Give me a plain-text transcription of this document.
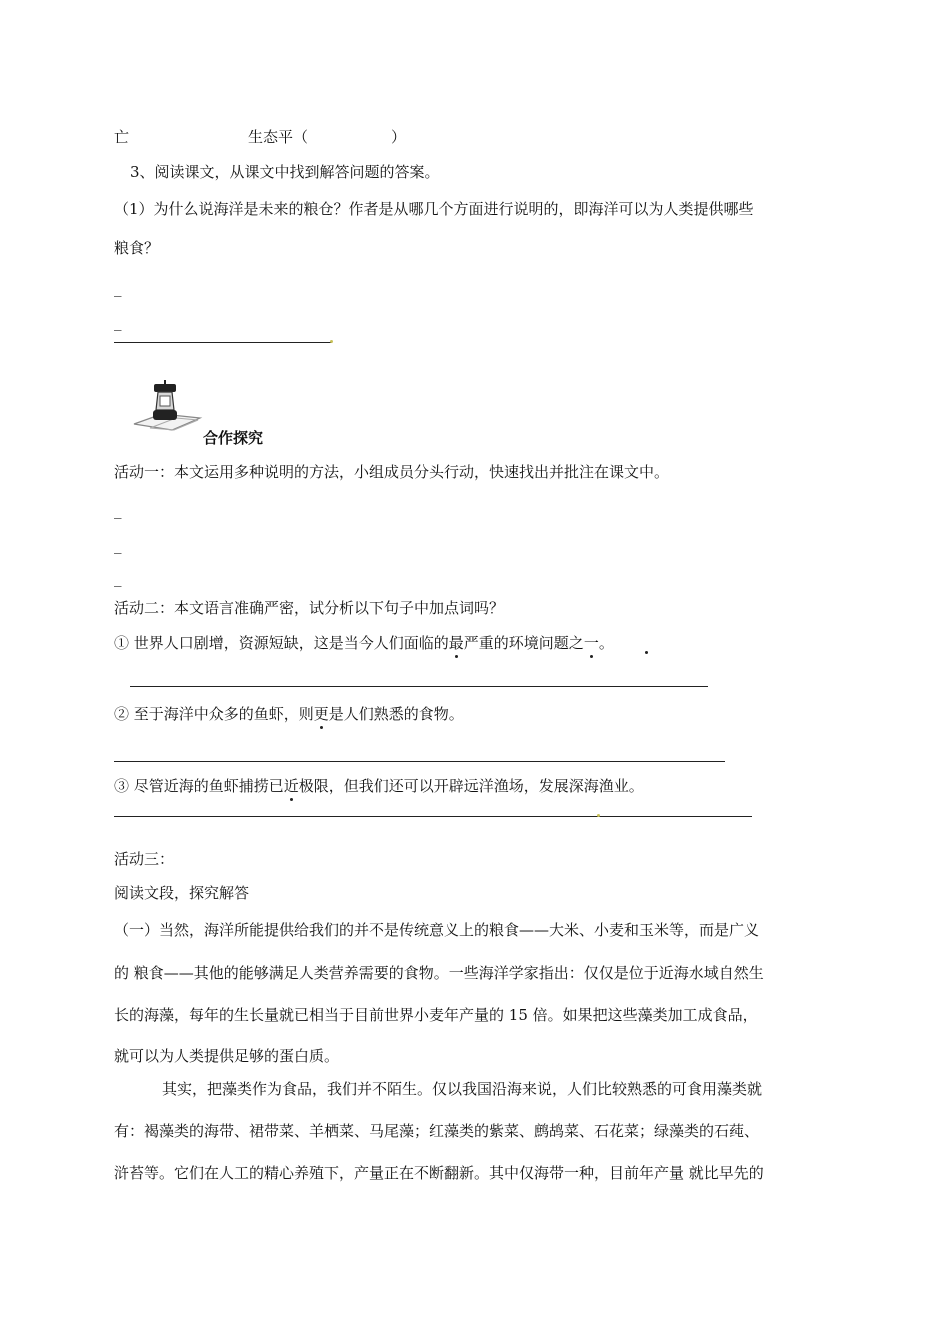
亡	生态平（	）
3、阅读课文，从课文中找到解答问题的答案。
（1）为什么说海洋是未来的粮仓？作者是从哪几个方面进行说明的，即海洋可以为人类提供哪些
粮食？
_
_
合作探究
活动一：本文运用多种说明的方法，小组成员分头行动，快速找出并批注在课文中。
_
_
_
活动二：本文语言准确严密，试分析以下句子中加点词吗？
① 世界人口剧增，资源短缺，这是当今人们面临的最严重的环境问题之一。
② 至于海洋中众多的鱼虾，则更是人们熟悉的食物。
③ 尽管近海的鱼虾捕捞已近极限，但我们还可以开辟远洋渔场，发展深海渔业。
活动三：
阅读文段，探究解答
（一）当然，海洋所能提供给我们的并不是传统意义上的粮食——大米、小麦和玉米等，而是广义
的 粮食——其他的能够满足人类营养需要的食物。一些海洋学家指出：仅仅是位于近海水域自然生
长的海藻，每年的生长量就已相当于目前世界小麦年产量的 15 倍。如果把这些藻类加工成食品，
就可以为人类提供足够的蛋白质。
其实，把藻类作为食品，我们并不陌生。仅以我国沿海来说，人们比较熟悉的可食用藻类就
有：褐藻类的海带、裙带菜、羊栖菜、马尾藻；红藻类的紫菜、鹧鸪菜、石花菜；绿藻类的石莼、
浒苔等。它们在人工的精心养殖下，产量正在不断翻新。其中仅海带一种，目前年产量 就比早先的
